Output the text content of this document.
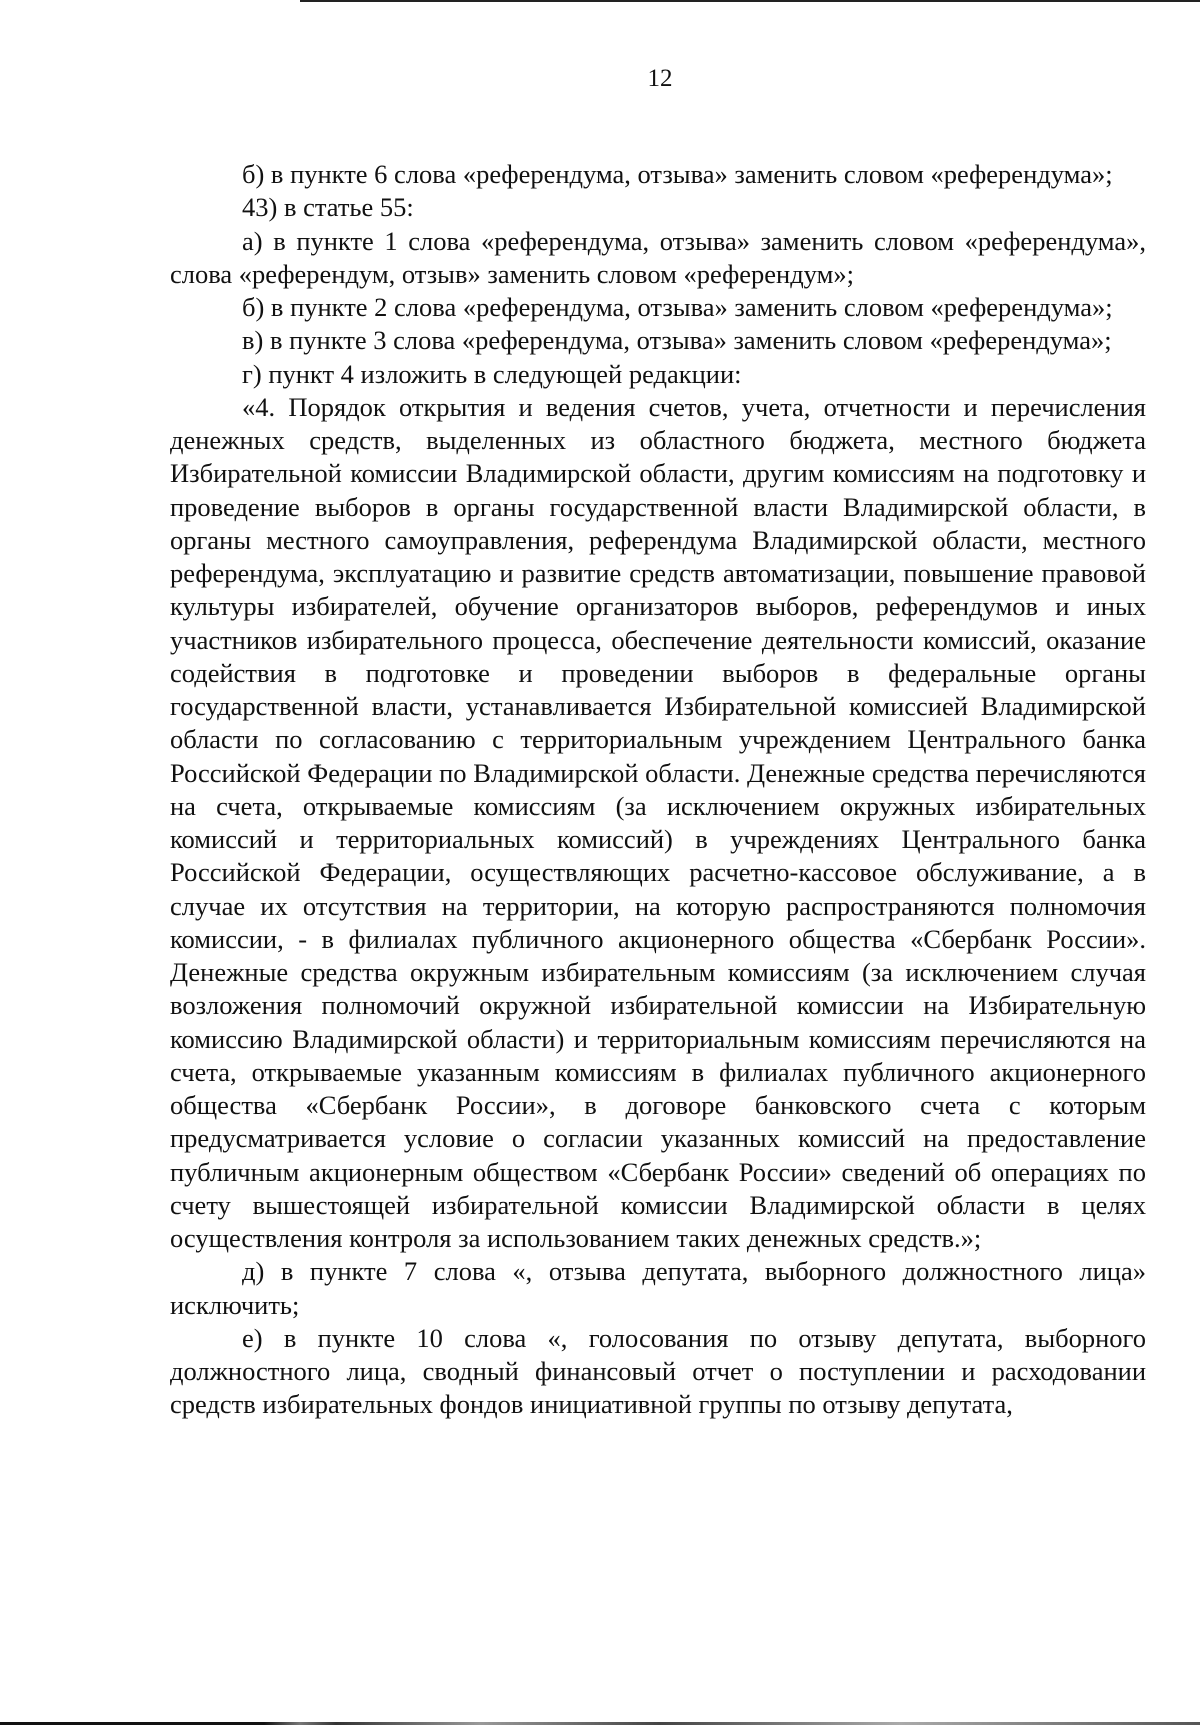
12

б) в пункте 6 слова «референдума, отзыва» заменить словом «референдума»;

43) в статье 55:

а) в пункте 1 слова «референдума, отзыва» заменить словом «референдума», слова «референдум, отзыв» заменить словом «референдум»;

б) в пункте 2 слова «референдума, отзыва» заменить словом «референдума»;

в) в пункте 3 слова «референдума, отзыва» заменить словом «референдума»;

г) пункт 4 изложить в следующей редакции:

«4. Порядок открытия и ведения счетов, учета, отчетности и перечисления денежных средств, выделенных из областного бюджета, местного бюджета Избирательной комиссии Владимирской области, другим комиссиям на подготовку и проведение выборов в органы государственной власти Владимирской области, в органы местного самоуправления, референдума Владимирской области, местного референдума, эксплуатацию и развитие средств автоматизации, повышение правовой культуры избирателей, обучение организаторов выборов, референдумов и иных участников избирательного процесса, обеспечение деятельности комиссий, оказание содействия в подготовке и проведении выборов в федеральные органы государственной власти, устанавливается Избирательной комиссией Владимирской области по согласованию с территориальным учреждением Центрального банка Российской Федерации по Владимирской области. Денежные средства перечисляются на счета, открываемые комиссиям (за исключением окружных избирательных комиссий и территориальных комиссий) в учреждениях Центрального банка Российской Федерации, осуществляющих расчетно-кассовое обслуживание, а в случае их отсутствия на территории, на которую распространяются полномочия комиссии, - в филиалах публичного акционерного общества «Сбербанк России». Денежные средства окружным избирательным комиссиям (за исключением случая возложения полномочий окружной избирательной комиссии на Избирательную комиссию Владимирской области) и территориальным комиссиям перечисляются на счета, открываемые указанным комиссиям в филиалах публичного акционерного общества «Сбербанк России», в договоре банковского счета с которым предусматривается условие о согласии указанных комиссий на предоставление публичным акционерным обществом «Сбербанк России» сведений об операциях по счету вышестоящей избирательной комиссии Владимирской области в целях осуществления контроля за использованием таких денежных средств.»;

д) в пункте 7 слова «, отзыва депутата, выборного должностного лица» исключить;

е) в пункте 10 слова «, голосования по отзыву депутата, выборного должностного лица, сводный финансовый отчет о поступлении и расходовании средств избирательных фондов инициативной группы по отзыву депутата,
